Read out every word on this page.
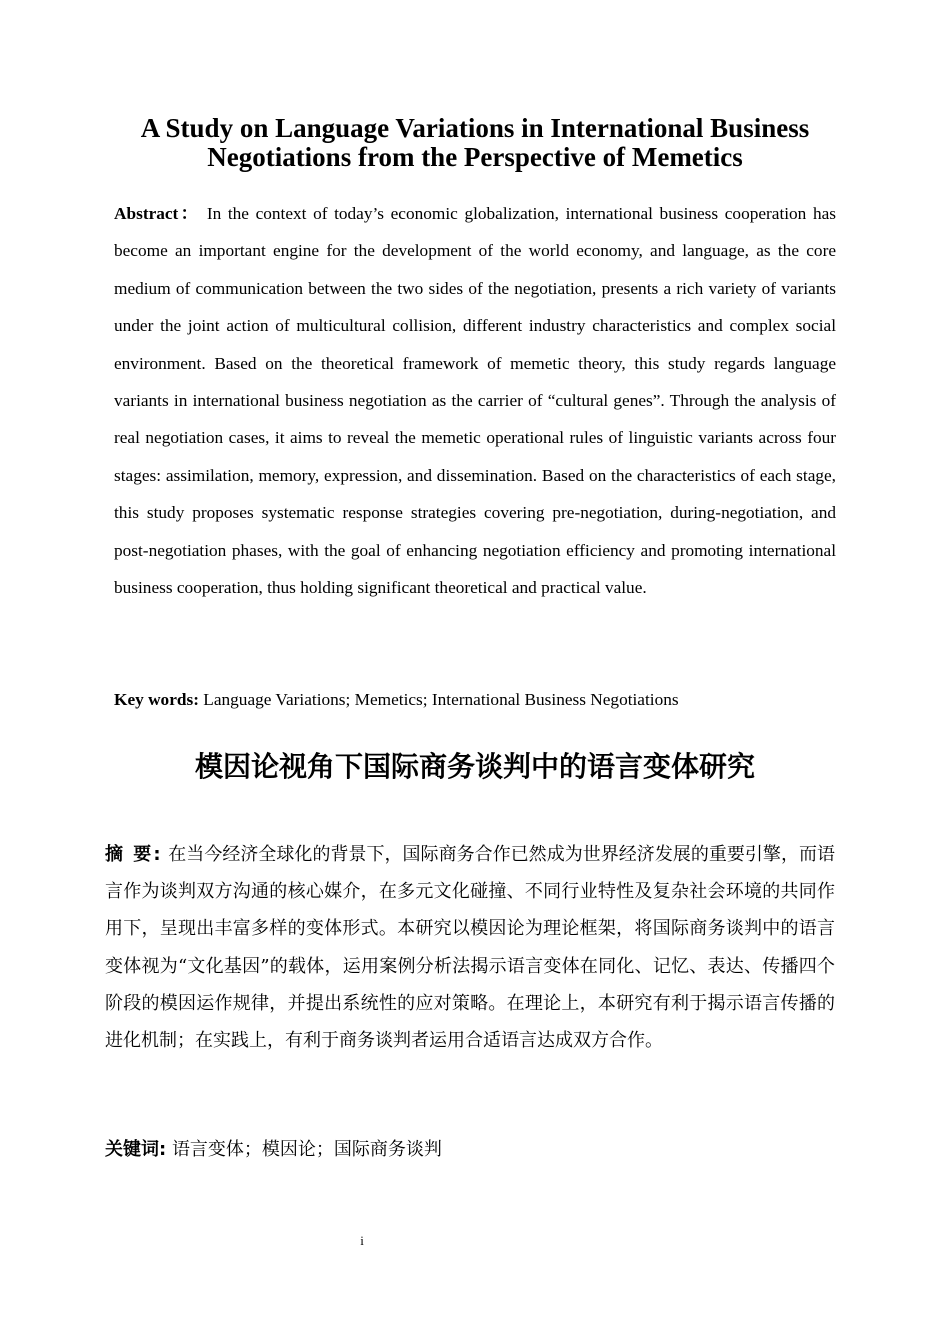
A Study on Language Variations in International Business Negotiations from the Perspective of Memetics

Abstract： In the context of today’s economic globalization, international business cooperation has become an important engine for the development of the world economy, and language, as the core medium of communication between the two sides of the negotiation, presents a rich variety of variants under the joint action of multicultural collision, different industry characteristics and complex social environment. Based on the theoretical framework of memetic theory, this study regards language variants in international business negotiation as the carrier of “cultural genes”. Through the analysis of real negotiation cases, it aims to reveal the memetic operational rules of linguistic variants across four stages: assimilation, memory, expression, and dissemination. Based on the characteristics of each stage, this study proposes systematic response strategies covering pre-negotiation, during-negotiation, and post-negotiation phases, with the goal of enhancing negotiation efficiency and promoting international business cooperation, thus holding significant theoretical and practical value.

Key words: Language Variations; Memetics; International Business Negotiations

模因论视角下国际商务谈判中的语言变体研究

摘 要: 在当今经济全球化的背景下，国际商务合作已然成为世界经济发展的重要引擎，而语言作为谈判双方沟通的核心媒介，在多元文化碰撞、不同行业特性及复杂社会环境的共同作用下，呈现出丰富多样的变体形式。本研究以模因论为理论框架，将国际商务谈判中的语言变体视为“文化基因”的载体，运用案例分析法揭示语言变体在同化、记忆、表达、传播四个阶段的模因运作规律，并提出系统性的应对策略。在理论上，本研究有利于揭示语言传播的进化机制；在实践上，有利于商务谈判者运用合适语言达成双方合作。

关键词: 语言变体；模因论；国际商务谈判

i
